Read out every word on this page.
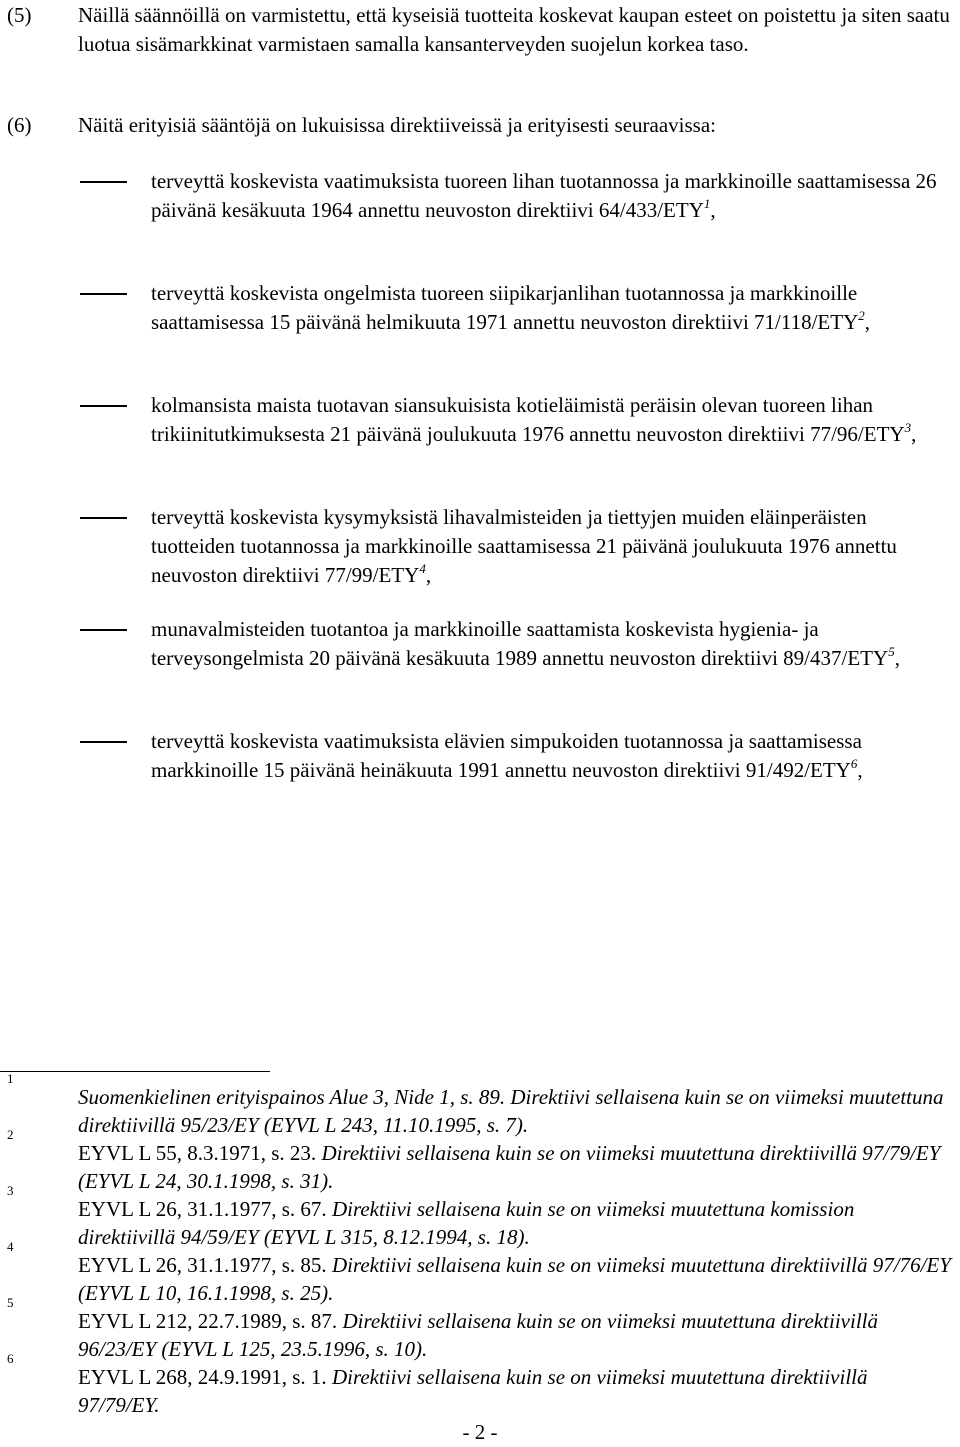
(5) Näillä säännöillä on varmistettu, että kyseisiä tuotteita koskevat kaupan esteet on poistettu ja siten saatu luotua sisämarkkinat varmistaen samalla kansanterveyden suojelun korkea taso.
(6) Näitä erityisiä sääntöjä on lukuisissa direktiiveissä ja erityisesti seuraavissa:
terveyttä koskevista vaatimuksista tuoreen lihan tuotannossa ja markkinoille saattamisessa 26 päivänä kesäkuuta 1964 annettu neuvoston direktiivi 64/433/ETY$^1$,
terveyttä koskevista ongelmista tuoreen siipikarjanlihan tuotannossa ja markkinoille saattamisessa 15 päivänä helmikuuta 1971 annettu neuvoston direktiivi 71/118/ETY$^2$,
kolmansista maista tuotavan siansukuisista kotieläimistä peräisin olevan tuoreen lihan trikiinitutkimuksesta 21 päivänä joulukuuta 1976 annettu neuvoston direktiivi 77/96/ETY$^3$,
terveyttä koskevista kysymyksistä lihavalmisteiden ja tiettyjen muiden eläinperäisten tuotteiden tuotannossa ja markkinoille saattamisessa 21 päivänä joulukuuta 1976 annettu neuvoston direktiivi 77/99/ETY$^4$,
munavalmisteiden tuotantoa ja markkinoille saattamista koskevista hygienia- ja terveysongelmista 20 päivänä kesäkuuta 1989 annettu neuvoston direktiivi 89/437/ETY$^5$,
terveyttä koskevista vaatimuksista elävien simpukoiden tuotannossa ja saattamisessa markkinoille 15 päivänä heinäkuuta 1991 annettu neuvoston direktiivi 91/492/ETY$^6$,
1
Suomenkielinen erityispainos Alue 3, Nide 1, s. 89. Direktiivi sellaisena kuin se on viimeksi muutettuna direktiivillä 95/23/EY (EYVL L 243, 11.10.1995, s. 7).
2
EYVL L 55, 8.3.1971, s. 23. Direktiivi sellaisena kuin se on viimeksi muutettuna direktiivillä 97/79/EY (EYVL L 24, 30.1.1998, s. 31).
3
EYVL L 26, 31.1.1977, s. 67. Direktiivi sellaisena kuin se on viimeksi muutettuna komission direktiivillä 94/59/EY (EYVL L 315, 8.12.1994, s. 18).
4
EYVL L 26, 31.1.1977, s. 85. Direktiivi sellaisena kuin se on viimeksi muutettuna direktiivillä 97/76/EY (EYVL L 10, 16.1.1998, s. 25).
5
EYVL L 212, 22.7.1989, s. 87. Direktiivi sellaisena kuin se on viimeksi muutettuna direktiivillä 96/23/EY (EYVL L 125, 23.5.1996, s. 10).
6
EYVL L 268, 24.9.1991, s. 1. Direktiivi sellaisena kuin se on viimeksi muutettuna direktiivillä 97/79/EY.
- 2 -
